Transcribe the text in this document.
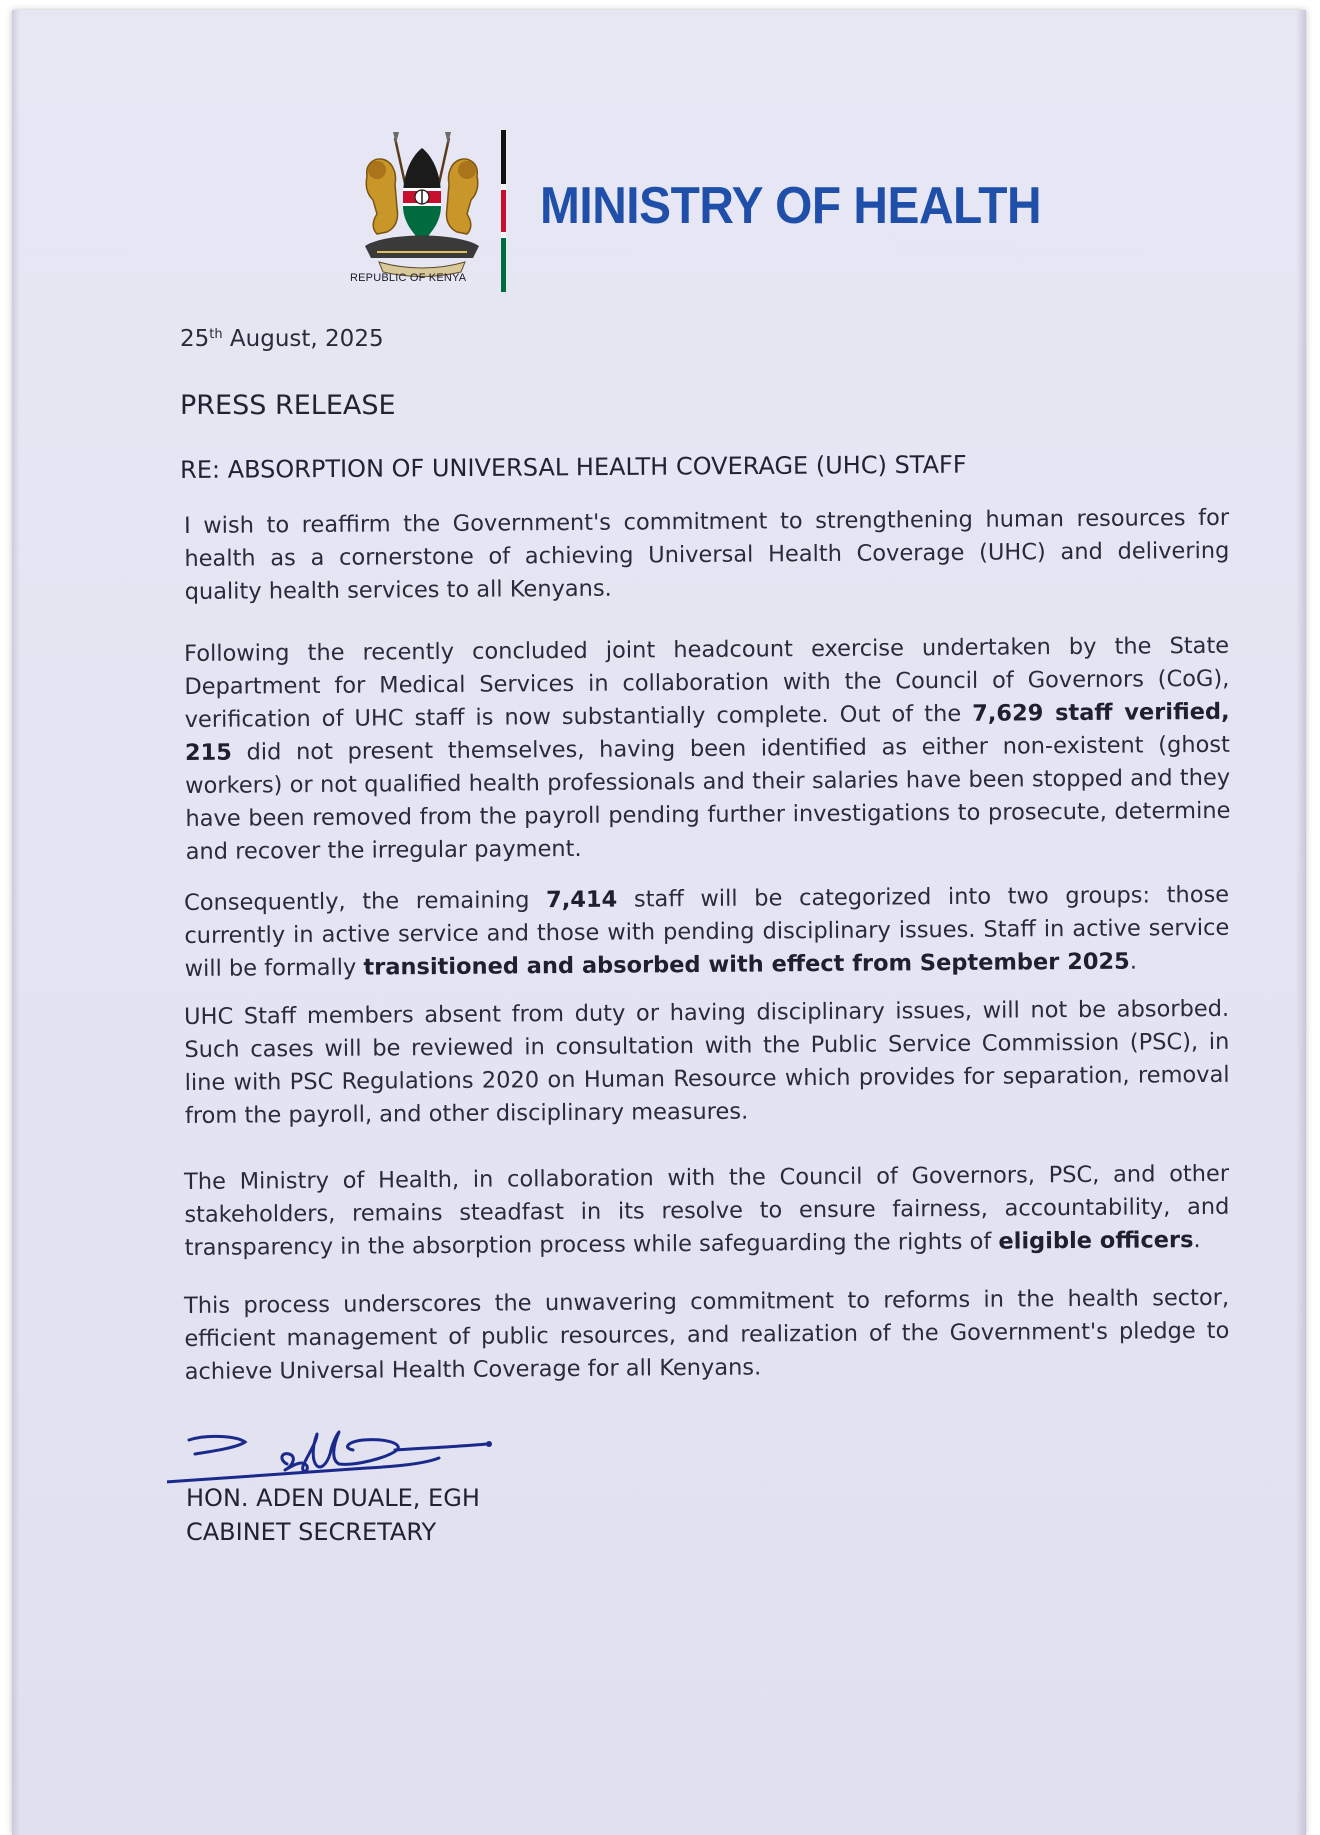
REPUBLIC OF KENYA
MINISTRY OF HEALTH
25th August, 2025
PRESS RELEASE
RE: ABSORPTION OF UNIVERSAL HEALTH COVERAGE (UHC) STAFF
I wish to reaffirm the Government's commitment to strengthening human resources for health as a cornerstone of achieving Universal Health Coverage (UHC) and delivering quality health services to all Kenyans.
Following the recently concluded joint headcount exercise undertaken by the State Department for Medical Services in collaboration with the Council of Governors (CoG), verification of UHC staff is now substantially complete. Out of the 7,629 staff verified, 215 did not present themselves, having been identified as either non-existent (ghost workers) or not qualified health professionals and their salaries have been stopped and they have been removed from the payroll pending further investigations to prosecute, determine and recover the irregular payment.
Consequently, the remaining 7,414 staff will be categorized into two groups: those currently in active service and those with pending disciplinary issues. Staff in active service will be formally transitioned and absorbed with effect from September 2025.
UHC Staff members absent from duty or having disciplinary issues, will not be absorbed. Such cases will be reviewed in consultation with the Public Service Commission (PSC), in line with PSC Regulations 2020 on Human Resource which provides for separation, removal from the payroll, and other disciplinary measures.
The Ministry of Health, in collaboration with the Council of Governors, PSC, and other stakeholders, remains steadfast in its resolve to ensure fairness, accountability, and transparency in the absorption process while safeguarding the rights of eligible officers.
This process underscores the unwavering commitment to reforms in the health sector, efficient management of public resources, and realization of the Government's pledge to achieve Universal Health Coverage for all Kenyans.
HON. ADEN DUALE, EGH
CABINET SECRETARY
